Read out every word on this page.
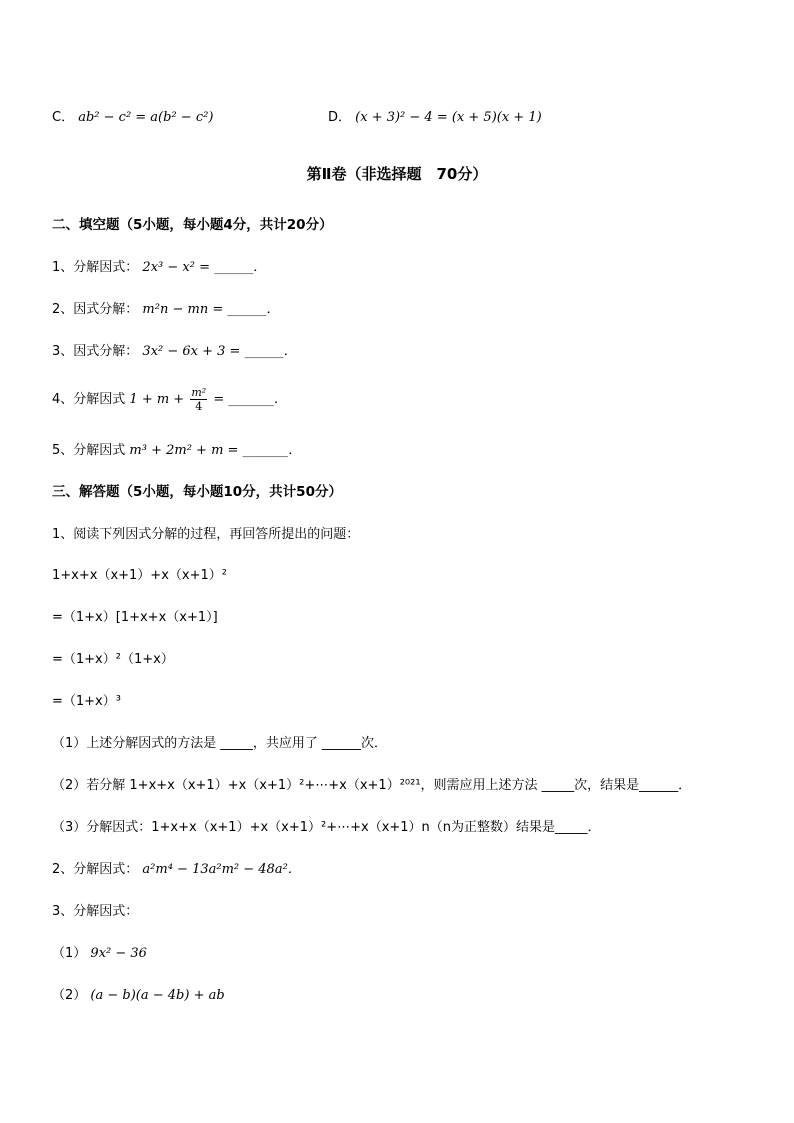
C． ab² − c² = a(b² − c²)	D． (x + 3)² − 4 = (x + 5)(x + 1)
第Ⅱ卷（非选择题　70分）
二、填空题（5小题，每小题4分，共计20分）
1、分解因式： 2x³ − x² = ______．
2、因式分解： m²n − mn = ______．
3、因式分解： 3x² − 6x + 3 = ______．
4、分解因式 $1 + m + \frac{\text{m²}}{4}$ = _______．
5、分解因式 m³ + 2m² + m = _______．
三、解答题（5小题，每小题10分，共计50分）
1、阅读下列因式分解的过程，再回答所提出的问题：
1+x+x（x+1）+x（x+1）²
=（1+x）[1+x+x（x+1）]
=（1+x）²（1+x）
=（1+x）³
（1）上述分解因式的方法是 _____，共应用了 ______次．
（2）若分解 1+x+x（x+1）+x（x+1）²+⋯+x（x+1）²⁰²¹，则需应用上述方法 _____次，结果是______．
（3）分解因式：1+x+x（x+1）+x（x+1）²+⋯+x（x+1）n（n为正整数）结果是_____．
2、分解因式： a²m⁴ − 13a²m² − 48a²．
3、分解因式：
（1） 9x² − 36
（2） (a − b)(a − 4b) + ab
